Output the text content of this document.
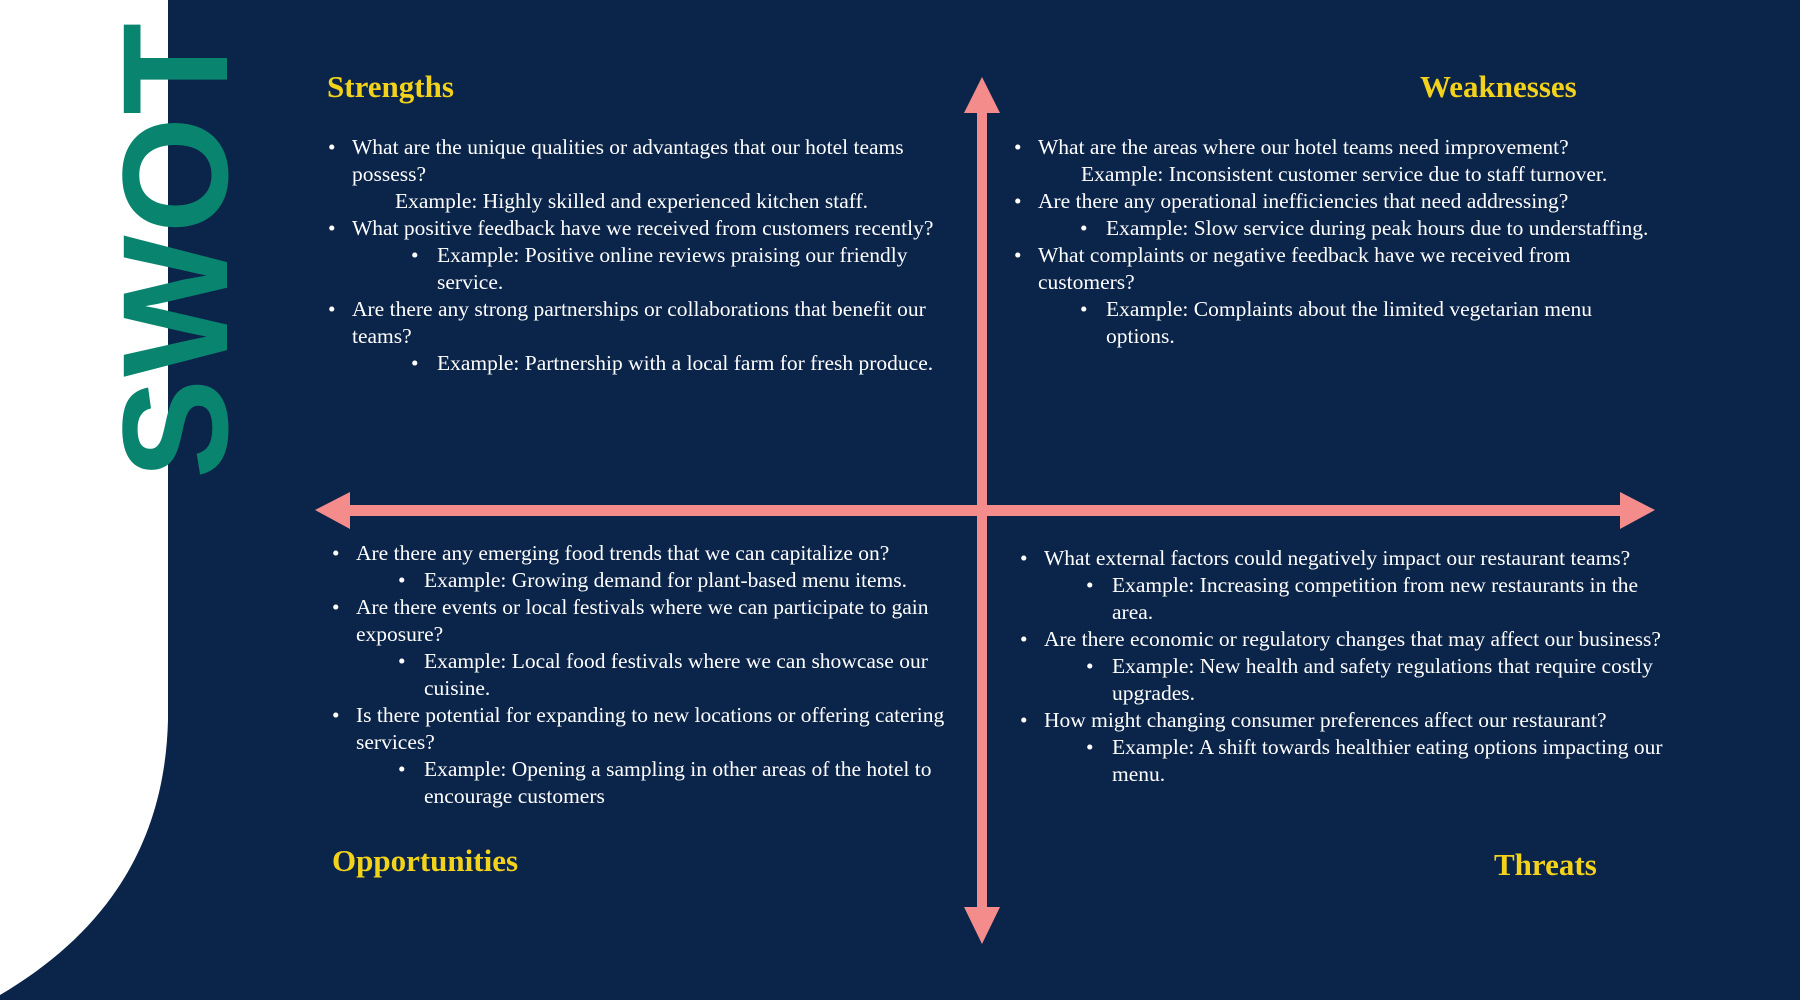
SWOT Strengths	Weaknesses
Opportunities	Threats
• What are the unique qualities or advantages that our hotel teams possess?
Example: Highly skilled and experienced kitchen staff.
• What positive feedback have we received from customers recently?
• Example: Positive online reviews praising our friendly service.
• Are there any strong partnerships or collaborations that benefit our teams?
• Example: Partnership with a local farm for fresh produce.
• What are the areas where our hotel teams need improvement?
Example: Inconsistent customer service due to staff turnover.
• Are there any operational inefficiencies that need addressing?
• Example: Slow service during peak hours due to understaffing.
• What complaints or negative feedback have we received from customers?
• Example: Complaints about the limited vegetarian menu options.
• Are there any emerging food trends that we can capitalize on?
• Example: Growing demand for plant-based menu items.
• Are there events or local festivals where we can participate to gain exposure?
• Example: Local food festivals where we can showcase our cuisine.
• Is there potential for expanding to new locations or offering catering services?
• Example: Opening a sampling in other areas of the hotel to encourage customers
• What external factors could negatively impact our restaurant teams?
• Example: Increasing competition from new restaurants in the area.
• Are there economic or regulatory changes that may affect our business?
• Example: New health and safety regulations that require costly upgrades.
• How might changing consumer preferences affect our restaurant?
• Example: A shift towards healthier eating options impacting our menu.
